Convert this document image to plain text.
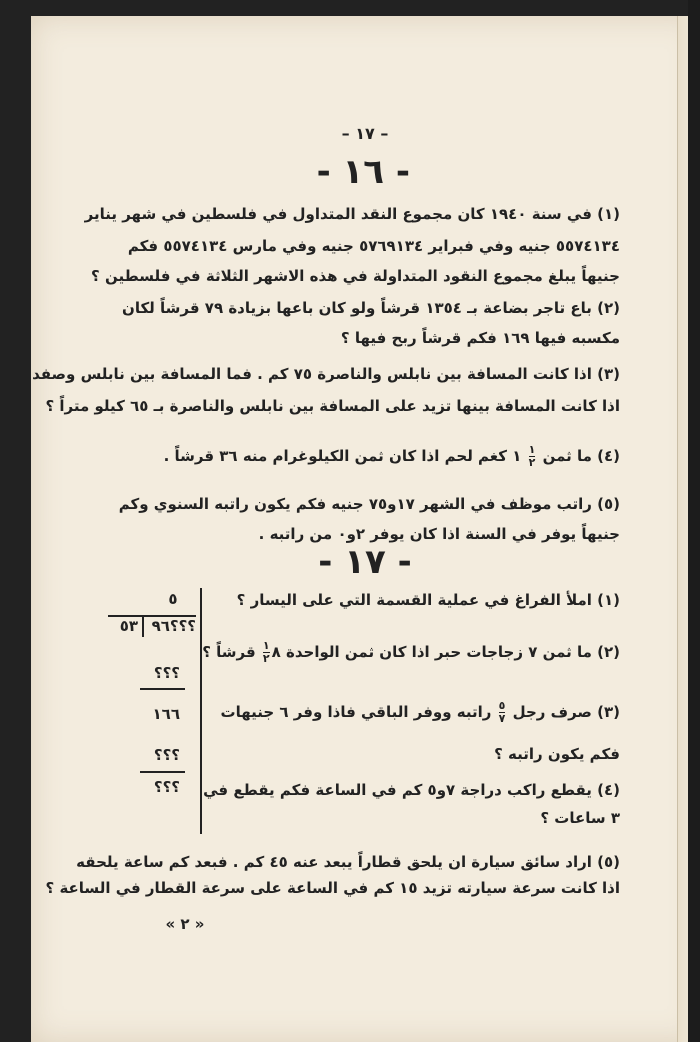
– ١٧ –
- ١٦ -
(١) في سنة ١٩٤٠ كان مجموع النقد المتداول في فلسطين في شهر يناير
٥٥٧٤١٣٤ جنيه وفي فبراير ٥٧٦٩١٣٤ جنيه وفي مارس ٥٥٧٤١٣٤ فكم
جنيهاً يبلغ مجموع النقود المتداولة في هذه الاشهر الثلاثة في فلسطين ؟
(٢) باع تاجر بضاعة بـ ١٣٥٤ قرشاً ولو كان باعها بزيادة ٧٩ قرشاً لكان
مكسبه فيها ١٦٩ فكم قرشاً ربح فيها ؟
(٣) اذا كانت المسافة بين نابلس والناصرة ٧٥ كم . فما المسافة بين نابلس وصفد
اذا كانت المسافة بينها تزيد على المسافة بين نابلس والناصرة بـ ٦٥ كيلو متراً ؟
(٤) ما ثمن
$\frac{١}{٢}$
١ كغم لحم اذا كان ثمن الكيلوغرام منه ٣٦ قرشاً .
(٥) راتب موظف في الشهر ١٧و٧٥ جنيه فكم يكون راتبه السنوي وكم
جنيهاً يوفر في السنة اذا كان يوفر ٢و٠ من راتبه .
- ١٧ -
(١) املأ الفراغ في عملية القسمة التي على اليسار ؟
(٢) ما ثمن ٧ زجاجات حبر اذا كان ثمن الواحدة ٨
$\frac{١}{٢}$
قرشاً ؟
(٣) صرف رجل
$\frac{٥}{٧}$
راتبه ووفر الباقي فاذا وفر ٦ جنيهات
فكم يكون راتبه ؟
(٤) يقطع راكب دراجة ٧و٥ كم في الساعة فكم يقطع في
٣ ساعات ؟
٥
٥٣ ؟؟؟٩٦
؟؟؟
١٦٦
؟؟؟
؟؟؟
(٥) اراد سائق سيارة ان يلحق قطاراً يبعد عنه ٤٥ كم . فبعد كم ساعة يلحقه
اذا كانت سرعة سيارته تزيد ١٥ كم في الساعة على سرعة القطار في الساعة ؟
« ٢ »
